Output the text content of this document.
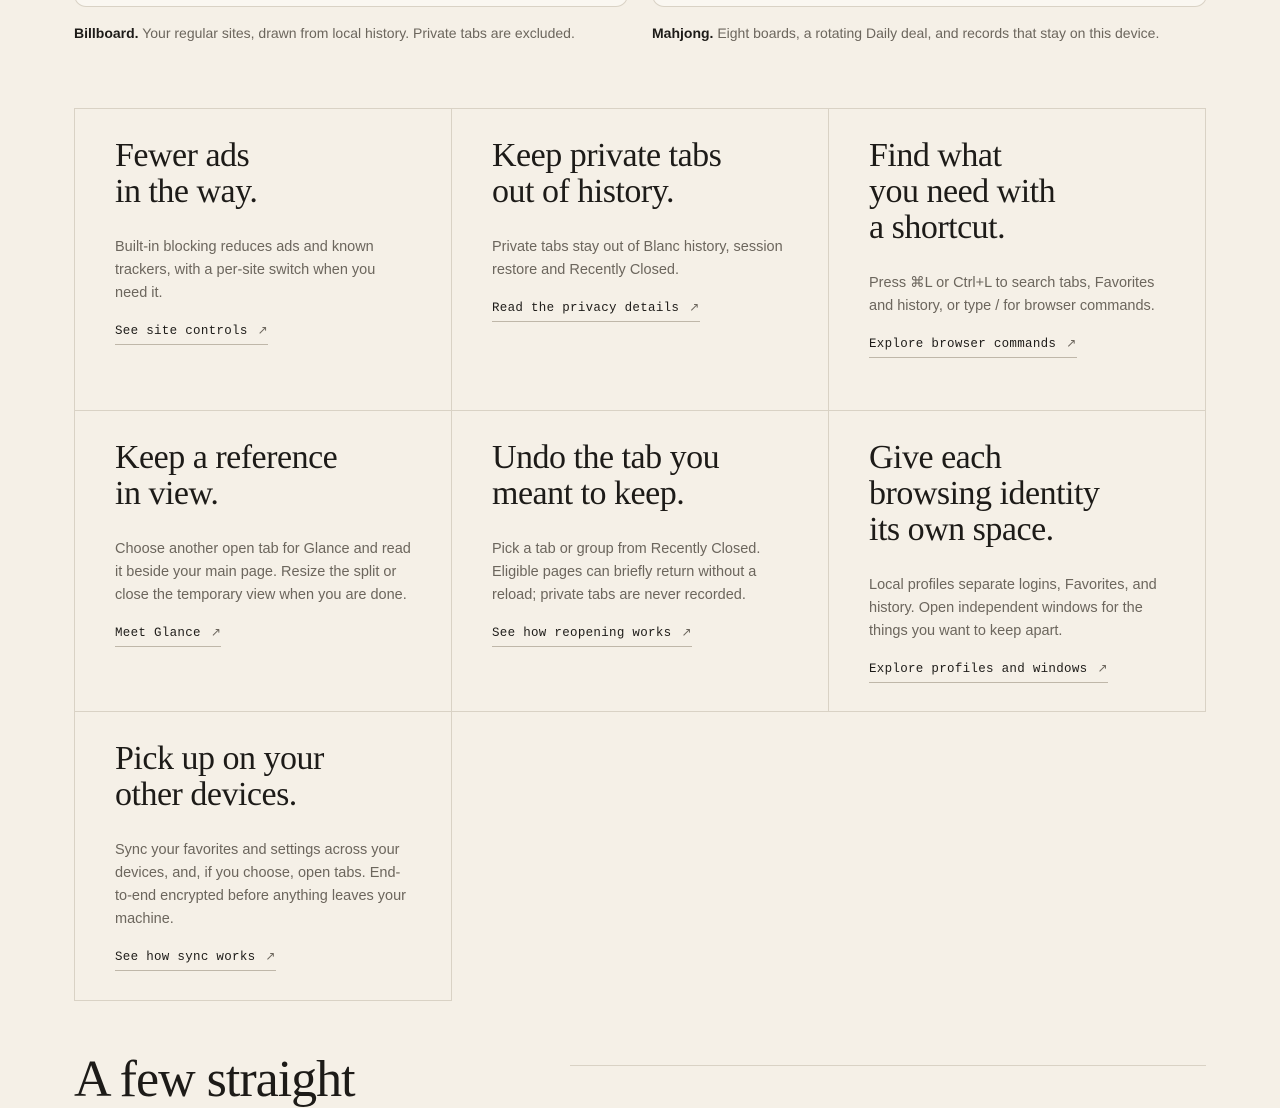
Billboard. Your regular sites, drawn from local history. Private tabs are excluded.	Mahjong. Eight boards, a rotating Daily deal, and records that stay on this device.
Fewer ads
in the way.

Built-in blocking reduces ads and known trackers, with a per-site switch when you need it.

See site controls ↗
Keep private tabs
out of history.

Private tabs stay out of Blanc history, session restore and Recently Closed.

Read the privacy details ↗
Find what
you need with
a shortcut.

Press ⌘L or Ctrl+L to search tabs, Favorites and history, or type / for browser commands.

Explore browser commands ↗
Keep a reference
in view.

Choose another open tab for Glance and read it beside your main page. Resize the split or close the temporary view when you are done.

Meet Glance ↗
Undo the tab you
meant to keep.

Pick a tab or group from Recently Closed. Eligible pages can briefly return without a reload; private tabs are never recorded.

See how reopening works ↗
Give each
browsing identity
its own space.

Local profiles separate logins, Favorites, and history. Open independent windows for the things you want to keep apart.

Explore profiles and windows ↗
Pick up on your
other devices.

Sync your favorites and settings across your devices, and, if you choose, open tabs. End-to-end encrypted before anything leaves your machine.

See how sync works ↗
A few straight
